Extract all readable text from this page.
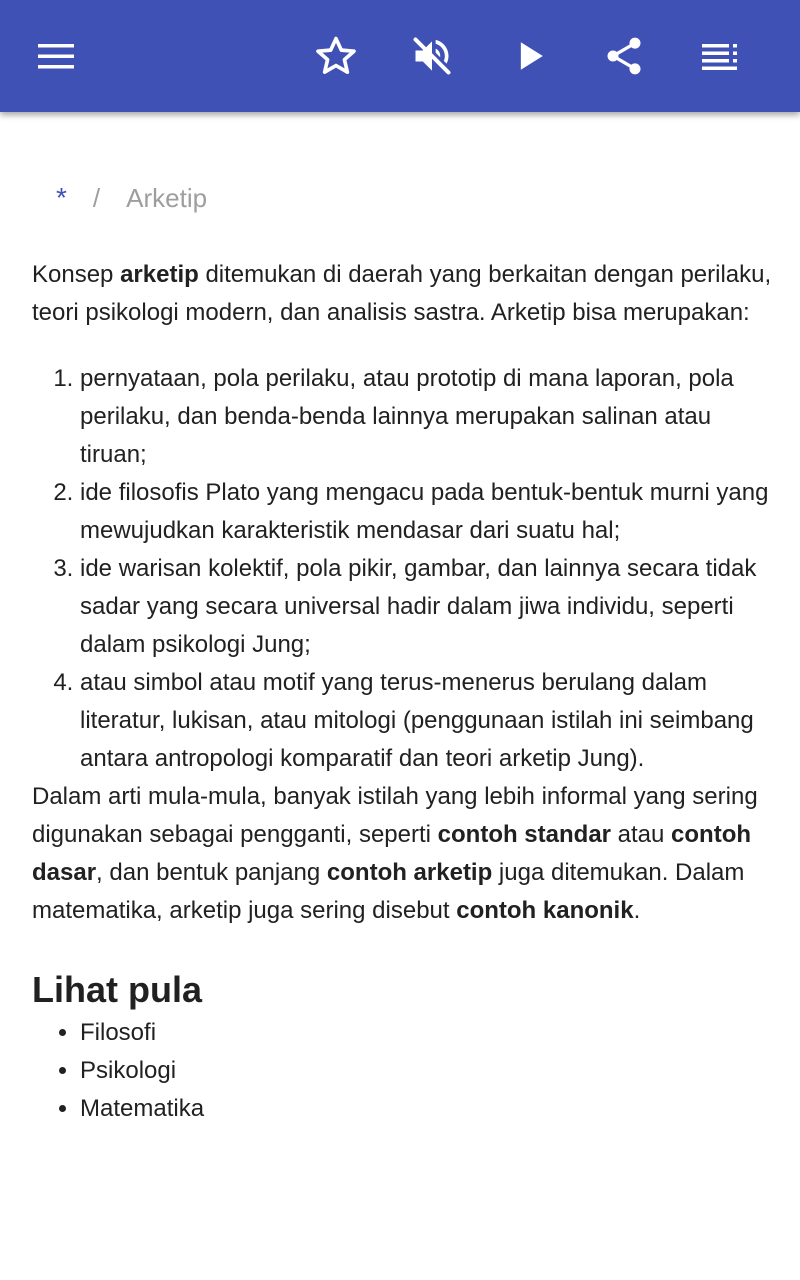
* / Arketip

Konsep arketip ditemukan di daerah yang berkaitan dengan perilaku, teori psikologi modern, dan analisis sastra. Arketip bisa merupakan:

1. pernyataan, pola perilaku, atau prototip di mana laporan, pola perilaku, dan benda-benda lainnya merupakan salinan atau tiruan;
2. ide filosofis Plato yang mengacu pada bentuk-bentuk murni yang mewujudkan karakteristik mendasar dari suatu hal;
3. ide warisan kolektif, pola pikir, gambar, dan lainnya secara tidak sadar yang secara universal hadir dalam jiwa individu, seperti dalam psikologi Jung;
4. atau simbol atau motif yang terus-menerus berulang dalam literatur, lukisan, atau mitologi (penggunaan istilah ini seimbang antara antropologi komparatif dan teori arketip Jung).

Dalam arti mula-mula, banyak istilah yang lebih informal yang sering digunakan sebagai pengganti, seperti contoh standar atau contoh dasar, dan bentuk panjang contoh arketip juga ditemukan. Dalam matematika, arketip juga sering disebut contoh kanonik.

Lihat pula
• Filosofi
• Psikologi
• Matematika
